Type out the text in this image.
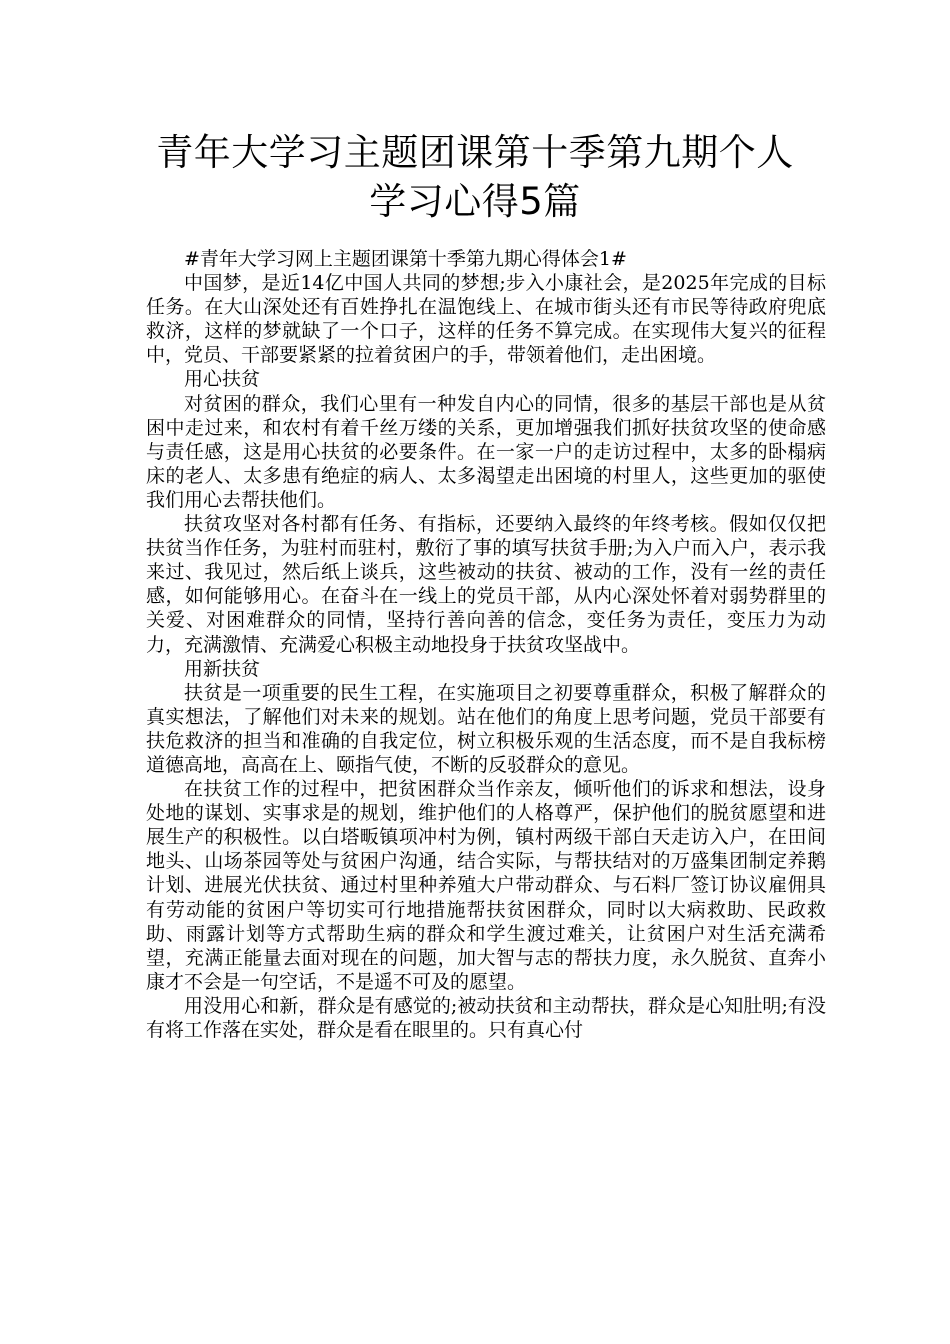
青年大学习主题团课第十季第九期个人
学习心得5篇

#青年大学习网上主题团课第十季第九期心得体会1#

中国梦，是近14亿中国人共同的梦想;步入小康社会，是2025年完成的目标任务。在大山深处还有百姓挣扎在温饱线上、在城市街头还有市民等待政府兜底救济，这样的梦就缺了一个口子，这样的任务不算完成。在实现伟大复兴的征程中，党员、干部要紧紧的拉着贫困户的手，带领着他们，走出困境。

用心扶贫

对贫困的群众，我们心里有一种发自内心的同情，很多的基层干部也是从贫困中走过来，和农村有着千丝万缕的关系，更加增强我们抓好扶贫攻坚的使命感与责任感，这是用心扶贫的必要条件。在一家一户的走访过程中，太多的卧榻病床的老人、太多患有绝症的病人、太多渴望走出困境的村里人，这些更加的驱使我们用心去帮扶他们。

扶贫攻坚对各村都有任务、有指标，还要纳入最终的年终考核。假如仅仅把扶贫当作任务，为驻村而驻村，敷衍了事的填写扶贫手册;为入户而入户，表示我来过、我见过，然后纸上谈兵，这些被动的扶贫、被动的工作，没有一丝的责任感，如何能够用心。在奋斗在一线上的党员干部，从内心深处怀着对弱势群里的关爱、对困难群众的同情，坚持行善向善的信念，变任务为责任，变压力为动力，充满激情、充满爱心积极主动地投身于扶贫攻坚战中。

用新扶贫

扶贫是一项重要的民生工程，在实施项目之初要尊重群众，积极了解群众的真实想法，了解他们对未来的规划。站在他们的角度上思考问题，党员干部要有扶危救济的担当和准确的自我定位，树立积极乐观的生活态度，而不是自我标榜道德高地，高高在上、颐指气使，不断的反驳群众的意见。

在扶贫工作的过程中，把贫困群众当作亲友，倾听他们的诉求和想法，设身处地的谋划、实事求是的规划，维护他们的人格尊严，保护他们的脱贫愿望和进展生产的积极性。以白塔畈镇项冲村为例，镇村两级干部白天走访入户，在田间地头、山场茶园等处与贫困户沟通，结合实际，与帮扶结对的万盛集团制定养鹅计划、进展光伏扶贫、通过村里种养殖大户带动群众、与石料厂签订协议雇佣具有劳动能的贫困户等切实可行地措施帮扶贫困群众，同时以大病救助、民政救助、雨露计划等方式帮助生病的群众和学生渡过难关，让贫困户对生活充满希望，充满正能量去面对现在的问题，加大智与志的帮扶力度，永久脱贫、直奔小康才不会是一句空话，不是遥不可及的愿望。

用没用心和新，群众是有感觉的;被动扶贫和主动帮扶，群众是心知肚明;有没有将工作落在实处，群众是看在眼里的。只有真心付
